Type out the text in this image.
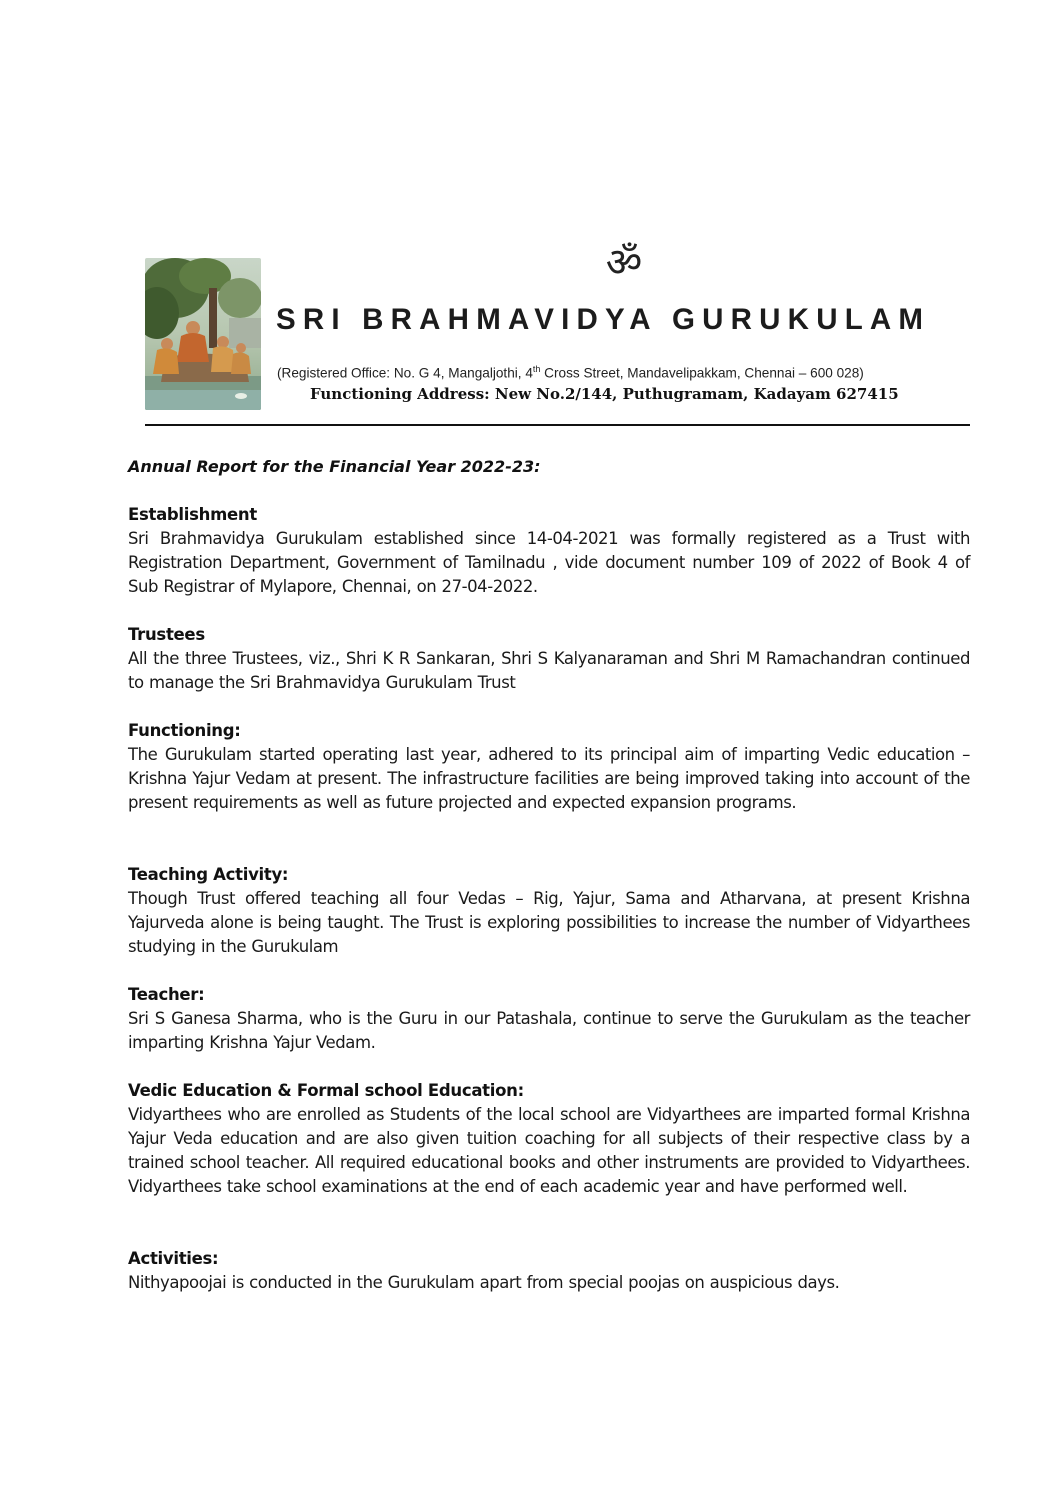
ॐ
SRI BRAHMAVIDYA GURUKULAM
(Registered Office: No. G 4, Mangaljothi, 4th Cross Street, Mandavelipakkam, Chennai – 600 028)
Functioning Address: New No.2/144, Puthugramam, Kadayam 627415
Annual Report for the Financial Year 2022-23:
Establishment
Sri Brahmavidya Gurukulam established since 14-04-2021 was formally registered as a Trust with Registration Department, Government of Tamilnadu , vide document number 109 of 2022 of Book 4 of Sub Registrar of Mylapore, Chennai, on 27-04-2022.
Trustees
All the three Trustees, viz., Shri K R Sankaran, Shri S Kalyanaraman and Shri M Ramachandran continued to manage the Sri Brahmavidya Gurukulam Trust
Functioning:
The Gurukulam started operating last year, adhered to its principal aim of imparting Vedic education – Krishna Yajur Vedam at present. The infrastructure facilities are being improved taking into account of the present requirements as well as future projected and expected expansion programs.
Teaching Activity:
Though Trust offered teaching all four Vedas – Rig, Yajur, Sama and Atharvana, at present Krishna Yajurveda alone is being taught. The Trust is exploring possibilities to increase the number of Vidyarthees studying in the Gurukulam
Teacher:
Sri S Ganesa Sharma, who is the Guru in our Patashala, continue to serve the Gurukulam as the teacher imparting Krishna Yajur Vedam.
Vedic Education & Formal school Education:
Vidyarthees who are enrolled as Students of the local school are Vidyarthees are imparted formal Krishna Yajur Veda education and are also given tuition coaching for all subjects of their respective class by a trained school teacher. All required educational books and other instruments are provided to Vidyarthees. Vidyarthees take school examinations at the end of each academic year and have performed well.
Activities:
Nithyapoojai is conducted in the Gurukulam apart from special poojas on auspicious days.
